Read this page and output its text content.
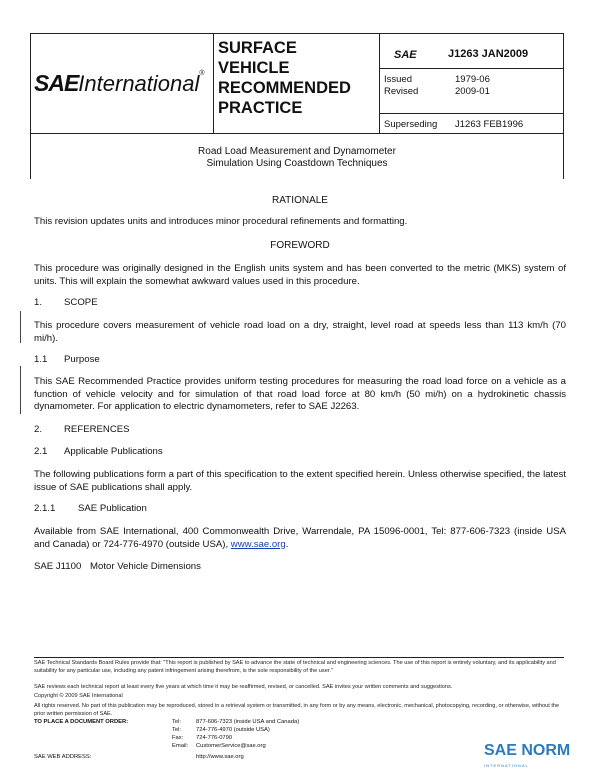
SAEInternational®
SURFACE
VEHICLE
RECOMMENDED
PRACTICE
SAE	J1263 JAN2009
Issued	1979-06
Revised	2009-01
Superseding J1263 FEB1996
Road Load Measurement and Dynamometer
Simulation Using Coastdown Techniques
RATIONALE
This revision updates units and introduces minor procedural refinements and formatting.
FOREWORD
This procedure was originally designed in the English units system and has been converted to the metric (MKS) system of units. This will explain the somewhat awkward values used in this procedure.
1. SCOPE
This procedure covers measurement of vehicle road load on a dry, straight, level road at speeds less than 113 km/h (70 mi/h).
1.1 Purpose
This SAE Recommended Practice provides uniform testing procedures for measuring the road load force on a vehicle as a function of vehicle velocity and for simulation of that road load force at 80 km/h (50 mi/h) on a hydrokinetic chassis dynamometer. For application to electric dynamometers, refer to SAE J2263.
2. REFERENCES
2.1 Applicable Publications
The following publications form a part of this specification to the extent specified herein. Unless otherwise specified, the latest issue of SAE publications shall apply.
2.1.1 SAE Publication
Available from SAE International, 400 Commonwealth Drive, Warrendale, PA 15096-0001, Tel: 877-606-7323 (inside USA and Canada) or 724-776-4970 (outside USA), www.sae.org.
SAE J1100 Motor Vehicle Dimensions
SAE Technical Standards Board Rules provide that: "This report is published by SAE to advance the state of technical and engineering sciences. The use of this report is entirely voluntary, and its applicability and suitability for any particular use, including any patent infringement arising therefrom, is the sole responsibility of the user."
SAE reviews each technical report at least every five years at which time it may be reaffirmed, revised, or cancelled. SAE invites your written comments and suggestions.
Copyright © 2009 SAE International
All rights reserved. No part of this publication may be reproduced, stored in a retrieval system or transmitted, in any form or by any means, electronic, mechanical, photocopying, recording, or otherwise, without the prior written permission of SAE.
TO PLACE A DOCUMENT ORDER:	Tel:	877-606-7323 (inside USA and Canada)
Tel:	724-776-4970 (outside USA)
Fax:	724-776-0790
Email:	CustomerService@sae.org
SAE WEB ADDRESS:	http://www.sae.org	SAE NORM
INTERNATIONAL
